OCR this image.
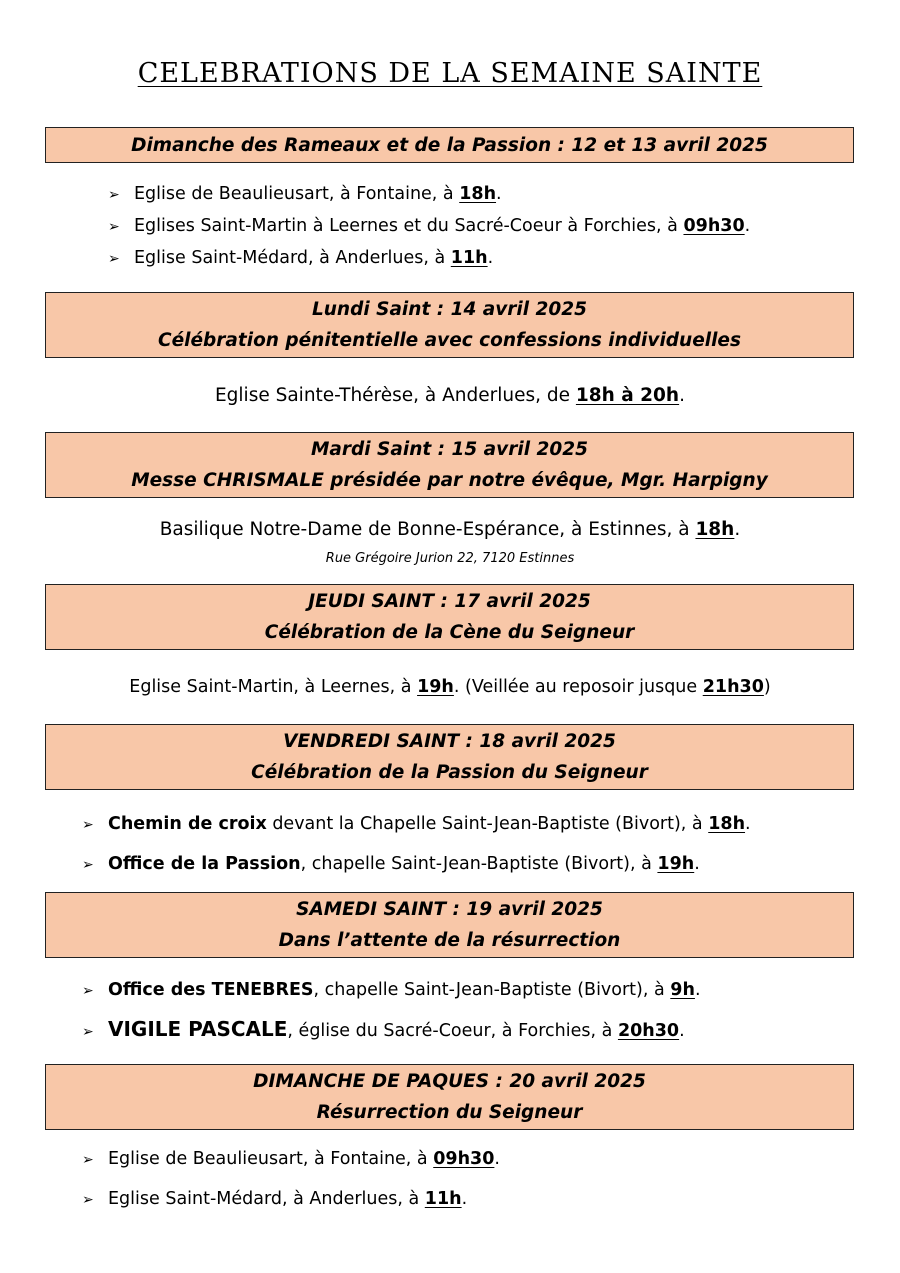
CELEBRATIONS DE LA SEMAINE SAINTE
Dimanche des Rameaux et de la Passion : 12 et 13 avril 2025
➢ Eglise de Beaulieusart, à Fontaine, à 18h.
➢ Eglises Saint-Martin à Leernes et du Sacré-Coeur à Forchies, à 09h30.
➢ Eglise Saint-Médard, à Anderlues, à 11h.
Lundi Saint : 14 avril 2025
Célébration pénitentielle avec confessions individuelles
Eglise Sainte-Thérèse, à Anderlues, de 18h à 20h.
Mardi Saint : 15 avril 2025
Messe CHRISMALE présidée par notre évêque, Mgr. Harpigny
Basilique Notre-Dame de Bonne-Espérance, à Estinnes, à 18h.
Rue Grégoire Jurion 22, 7120 Estinnes
JEUDI SAINT : 17 avril 2025
Célébration de la Cène du Seigneur
Eglise Saint-Martin, à Leernes, à 19h. (Veillée au reposoir jusque 21h30)
VENDREDI SAINT : 18 avril 2025
Célébration de la Passion du Seigneur
➢ Chemin de croix devant la Chapelle Saint-Jean-Baptiste (Bivort), à 18h.
➢ Office de la Passion, chapelle Saint-Jean-Baptiste (Bivort), à 19h.
SAMEDI SAINT : 19 avril 2025
Dans l’attente de la résurrection
➢ Office des TENEBRES, chapelle Saint-Jean-Baptiste (Bivort), à 9h.
➢ VIGILE PASCALE, église du Sacré-Coeur, à Forchies, à 20h30.
DIMANCHE DE PAQUES : 20 avril 2025
Résurrection du Seigneur
➢ Eglise de Beaulieusart, à Fontaine, à 09h30.
➢ Eglise Saint-Médard, à Anderlues, à 11h.
